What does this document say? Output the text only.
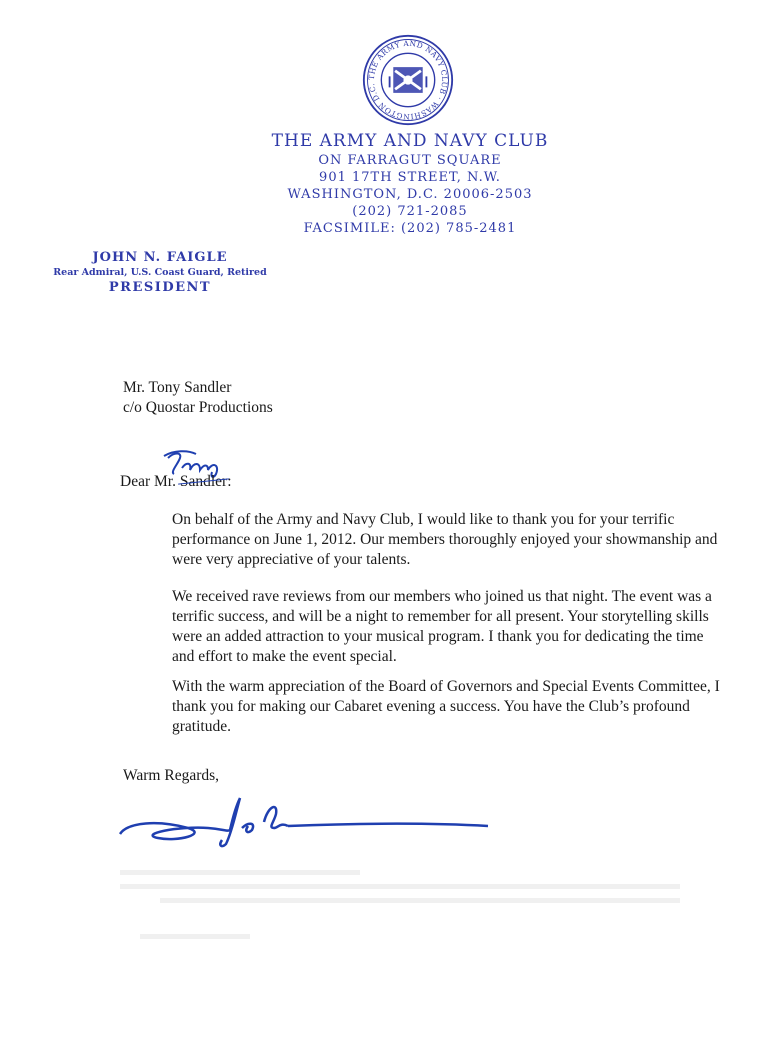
THE ARMY AND NAVY CLUB · WASHINGTON D.C.
THE ARMY AND NAVY CLUB
ON FARRAGUT SQUARE
901 17TH STREET, N.W.
WASHINGTON, D.C. 20006-2503
(202) 721-2085
FACSIMILE: (202) 785-2481
JOHN N. FAIGLE
Rear Admiral, U.S. Coast Guard, Retired
PRESIDENT
Mr. Tony Sandler
c/o Quostar Productions
Dear Mr. Sandler:
On behalf of the Army and Navy Club, I would like to thank you for your terrific performance on June 1, 2012. Our members thoroughly enjoyed your showmanship and were very appreciative of your talents.
We received rave reviews from our members who joined us that night. The event was a terrific success, and will be a night to remember for all present. Your storytelling skills were an added attraction to your musical program. I thank you for dedicating the time and effort to make the event special.
With the warm appreciation of the Board of Governors and Special Events Committee, I thank you for making our Cabaret evening a success. You have the Club’s profound gratitude.
Warm Regards,
